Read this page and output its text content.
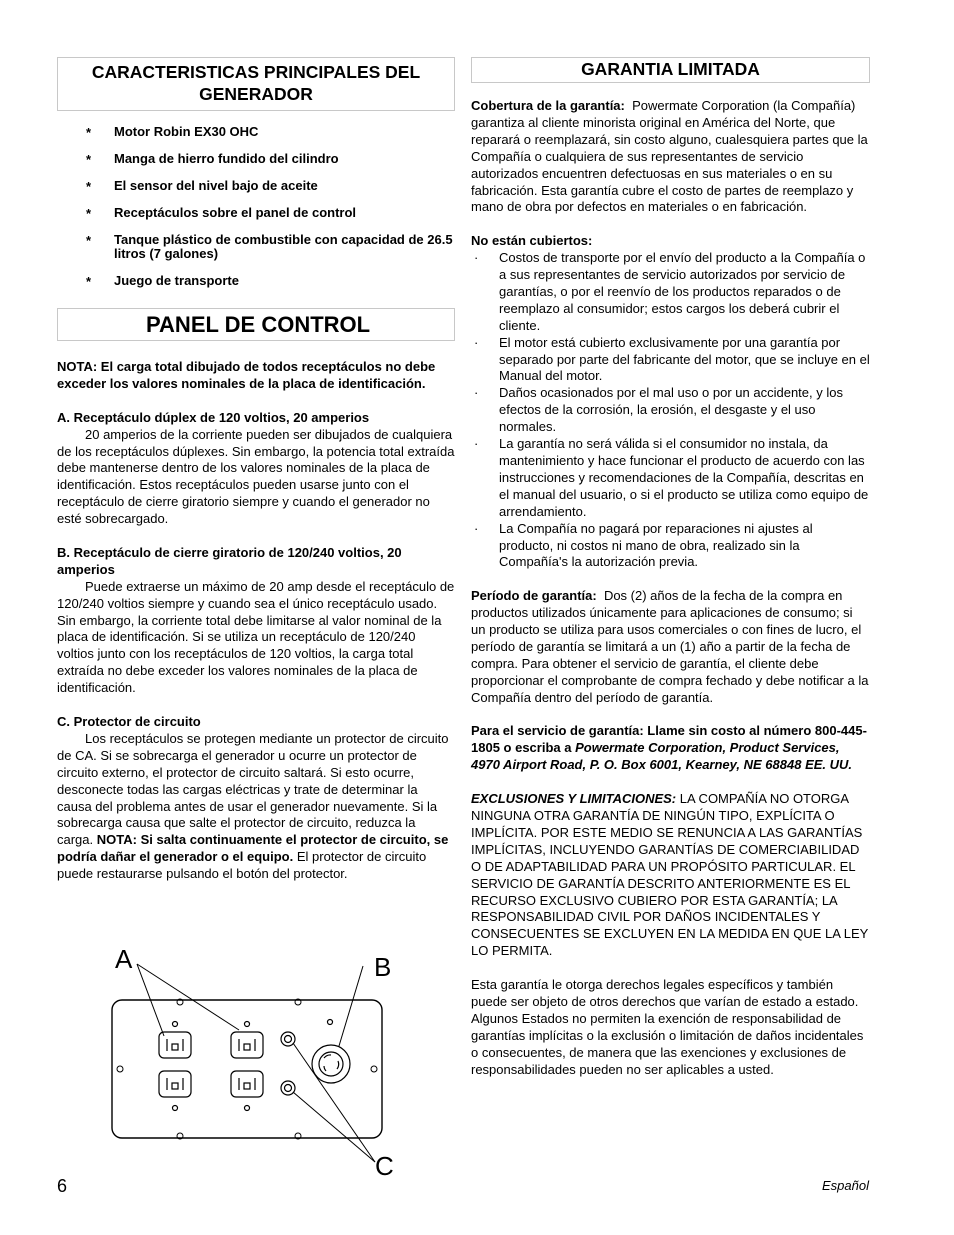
CARACTERISTICAS PRINCIPALES DEL GENERADOR
* Motor Robin EX30 OHC
* Manga de hierro fundido del cilindro
* El sensor del nivel bajo de aceite
* Receptáculos sobre el panel de control
* Tanque plástico de combustible con capacidad de 26.5 litros (7 galones)
* Juego de transporte
PANEL DE CONTROL

NOTA: El carga total dibujado de todos receptáculos no debe exceder los valores nominales de la placa de identificación.

A. Receptáculo dúplex de 120 voltios, 20 amperios

20 amperios de la corriente pueden ser dibujados de cualquiera de los receptáculos dúplexes. Sin embargo, la potencia total extraída debe mantenerse dentro de los valores nominales de la placa de identificación. Estos receptáculos pueden usarse junto con el receptáculo de cierre giratorio siempre y cuando el generador no esté sobrecargado.

B. Receptáculo de cierre giratorio de 120/240 voltios, 20 amperios

Puede extraerse un máximo de 20 amp desde el receptáculo de 120/240 voltios siempre y cuando sea el único receptáculo usado. Sin embargo, la corriente total debe limitarse al valor nominal de la placa de identificación. Si se utiliza un receptáculo de 120/240 voltios junto con los receptáculos de 120 voltios, la carga total extraída no debe exceder los valores nominales de la placa de identificación.

C. Protector de circuito

Los receptáculos se protegen mediante un protector de circuito de CA. Si se sobrecarga el generador u ocurre un protector de circuito externo, el protector de circuito saltará. Si esto ocurre, desconecte todas las cargas eléctricas y trate de determinar la causa del problema antes de usar el generador nuevamente. Si la sobrecarga causa que salte el protector de circuito, reduzca la carga. NOTA: Si salta continuamente el protector de circuito, se podría dañar el generador o el equipo. El protector de circuito puede restaurarse pulsando el botón del protector.

A	B
C
GARANTIA LIMITADA

Cobertura de la garantía: Powermate Corporation (la Compañía) garantiza al cliente minorista original en América del Norte, que reparará o reemplazará, sin costo alguno, cualesquiera partes que la Compañía o cualquiera de sus representantes de servicio autorizados encuentren defectuosas en sus materiales o en su fabricación. Esta garantía cubre el costo de partes de reemplazo y mano de obra por defectos en materiales o en fabricación.

No están cubiertos:

· Costos de transporte por el envío del producto a la Compañía o a sus representantes de servicio autorizados por servicio de garantías, o por el reenvío de los productos reparados o de reemplazo al consumidor; estos cargos los deberá cubrir el cliente.
· El motor está cubierto exclusivamente por una garantía por separado por parte del fabricante del motor, que se incluye en el Manual del motor.
· Daños ocasionados por el mal uso o por un accidente, y los efectos de la corrosión, la erosión, el desgaste y el uso normales.
· La garantía no será válida si el consumidor no instala, da mantenimiento y hace funcionar el producto de acuerdo con las instrucciones y recomendaciones de la Compañía, descritas en el manual del usuario, o si el producto se utiliza como equipo de arrendamiento.
· La Compañía no pagará por reparaciones ni ajustes al producto, ni costos ni mano de obra, realizado sin la Compañía's la autorización previa.

Período de garantía: Dos (2) años de la fecha de la compra en productos utilizados únicamente para aplicaciones de consumo; si un producto se utiliza para usos comerciales o con fines de lucro, el período de garantía se limitará a un (1) año a partir de la fecha de compra. Para obtener el servicio de garantía, el cliente debe proporcionar el comprobante de compra fechado y debe notificar a la Compañía dentro del período de garantía.

Para el servicio de garantía: Llame sin costo al número 800-445-1805 o escriba a Powermate Corporation, Product Services, 4970 Airport Road, P. O. Box 6001, Kearney, NE 68848 EE. UU.

EXCLUSIONES Y LIMITACIONES: LA COMPAÑÍA NO OTORGA NINGUNA OTRA GARANTÍA DE NINGÚN TIPO, EXPLÍCITA O IMPLÍCITA. POR ESTE MEDIO SE RENUNCIA A LAS GARANTÍAS IMPLÍCITAS, INCLUYENDO GARANTÍAS DE COMERCIABILIDAD O DE ADAPTABILIDAD PARA UN PROPÓSITO PARTICULAR. EL SERVICIO DE GARANTÍA DESCRITO ANTERIORMENTE ES EL RECURSO EXCLUSIVO CUBIERO POR ESTA GARANTÍA; LA RESPONSABILIDAD CIVIL POR DAÑOS INCIDENTALES Y CONSECUENTES SE EXCLUYEN EN LA MEDIDA EN QUE LA LEY LO PERMITA.

Esta garantía le otorga derechos legales específicos y también puede ser objeto de otros derechos que varían de estado a estado. Algunos Estados no permiten la exención de responsabilidad de garantías implícitas o la exclusión o limitación de daños incidentales o consecuentes, de manera que las exenciones y exclusiones de responsabilidades pueden no ser aplicables a usted.

6	Español
